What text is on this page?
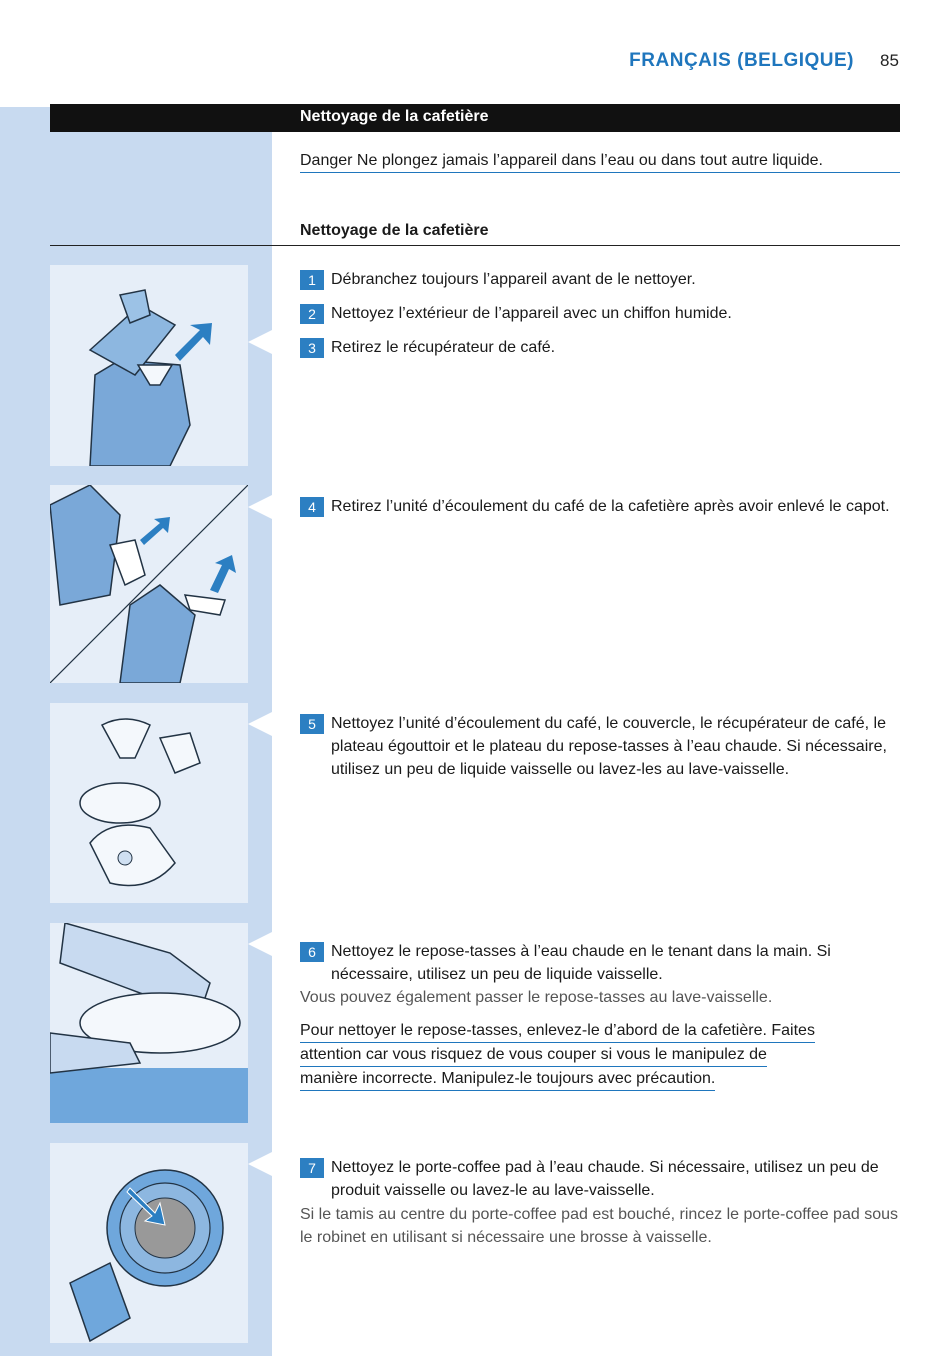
FRANÇAIS (BELGIQUE) 85
Nettoyage de la cafetière
Danger Ne plongez jamais l’appareil dans l’eau ou dans tout autre liquide.
Nettoyage de la cafetière
1 Débranchez toujours l’appareil avant de le nettoyer.
2 Nettoyez l’extérieur de l’appareil avec un chiffon humide.
3 Retirez le récupérateur de café.
4 Retirez l’unité d’écoulement du café de la cafetière après avoir enlevé le capot.
5 Nettoyez l’unité d’écoulement du café, le couvercle, le récupérateur de café, le plateau égouttoir et le plateau du repose-tasses à l’eau chaude. Si nécessaire, utilisez un peu de liquide vaisselle ou lavez-les au lave-vaisselle.
6 Nettoyez le repose-tasses à l’eau chaude en le tenant dans la main. Si nécessaire, utilisez un peu de liquide vaisselle.
Vous pouvez également passer le repose-tasses au lave-vaisselle.
Pour nettoyer le repose-tasses, enlevez-le d’abord de la cafetière. Faites
attention car vous risquez de vous couper si vous le manipulez de
manière incorrecte. Manipulez-le toujours avec précaution.
7 Nettoyez le porte-coffee pad à l’eau chaude. Si nécessaire, utilisez un peu de produit vaisselle ou lavez-le au lave-vaisselle.
Si le tamis au centre du porte-coffee pad est bouché, rincez le porte-coffee pad sous le robinet en utilisant si nécessaire une brosse à vaisselle.
